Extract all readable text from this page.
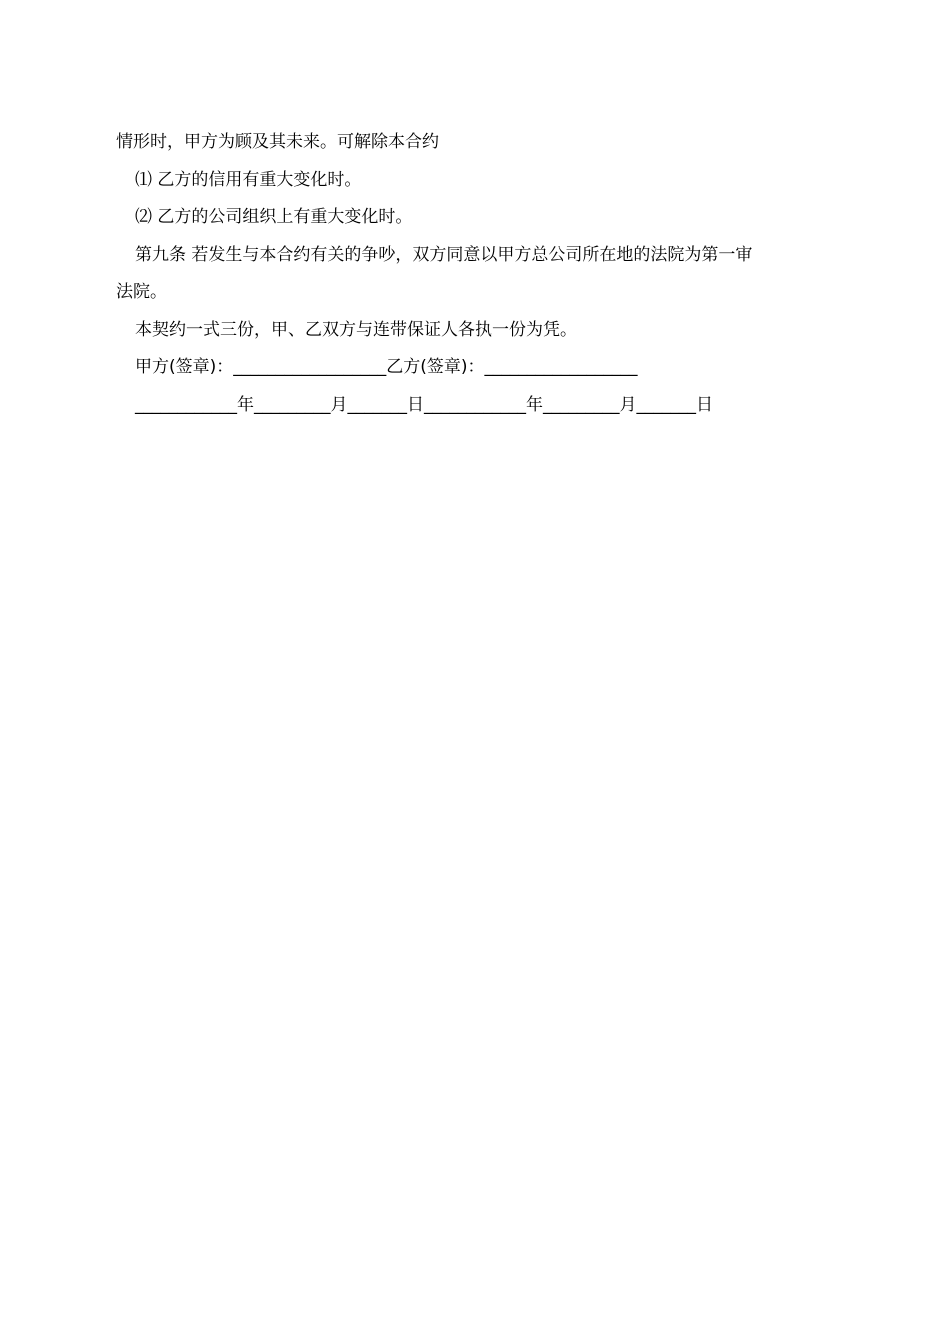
情形时，甲方为顾及其未来。可解除本合约
⑴ 乙方的信用有重大变化时。
⑵ 乙方的公司组织上有重大变化时。
第九条 若发生与本合约有关的争吵，双方同意以甲方总公司所在地的法院为第一审
法院。
本契约一式三份，甲、乙双方与连带保证人各执一份为凭。
甲方(签章)：__________________乙方(签章)：__________________
____________年_________月_______日____________年_________月_______日
